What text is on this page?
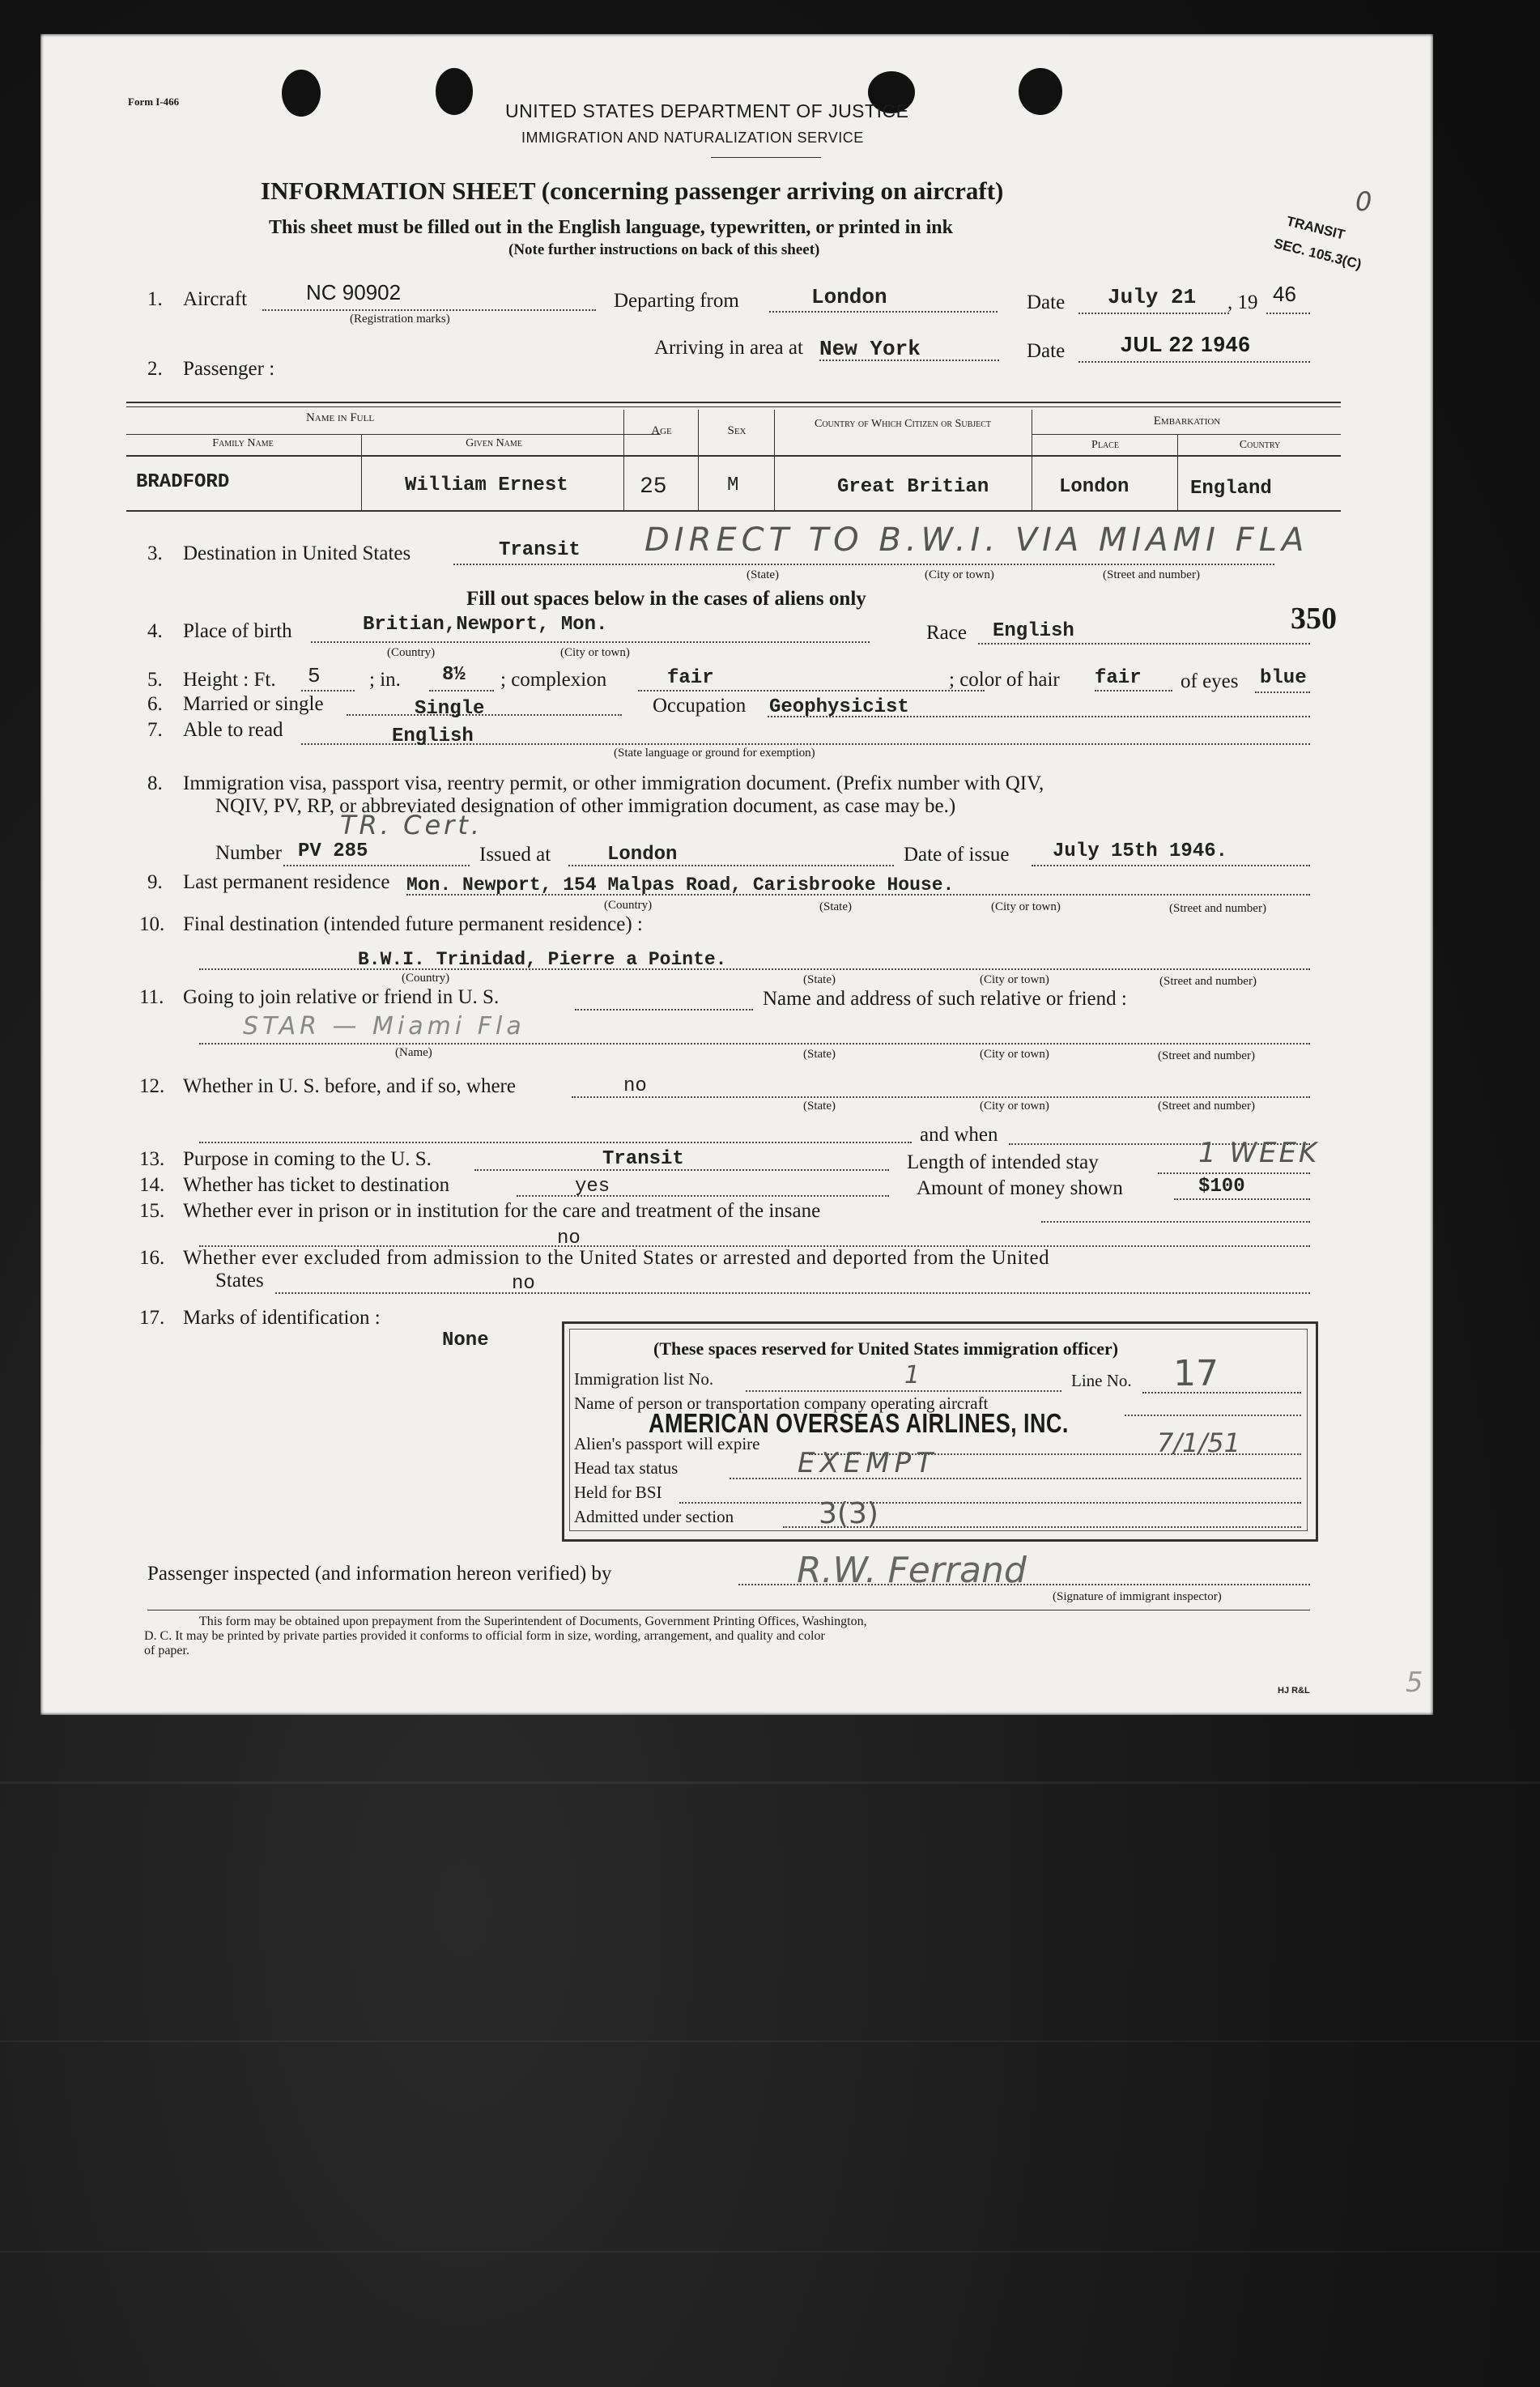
Form I-466	UNITED STATES DEPARTMENT OF JUSTICE
IMMIGRATION AND NATURALIZATION SERVICE
INFORMATION SHEET (concerning passenger arriving on aircraft)
This sheet must be filled out in the English language, typewritten, or printed in ink
(Note further instructions on back of this sheet)
TRANSIT
SEC. 105.3(C)
0
1. Aircraft	NC 90902
(Registration marks)
Departing from	London	Date July 21 , 19 46
Arriving in area at New York	Date	JUL 22 1946
2. Passenger :
Name in Full
Family Name	Given Name
Age	Sex
Country of Which Citizen or Subject	Embarkation
Place	Country
BRADFORD	William Ernest	25	M	Great Britian	London	England
3. Destination in United States	Transit DIRECT TO B.W.I. VIA MIAMI FLA
(State)	(City or town)	(Street and number)
Fill out spaces below in the cases of aliens only
350
4. Place of birth	Britian,Newport, Mon.
(Country)	(City or town)
Race English
5. Height : Ft. 5 ; in. 8½ ; complexion	fair	; color of hair fair of eyes blue
6. Married or single	Single	Occupation Geophysicist
7. Able to read	English
(State language or ground for exemption)
8. Immigration visa, passport visa, reentry permit, or other immigration document. (Prefix number with QIV,
NQIV, PV, RP, or abbreviated designation of other immigration document, as case may be.)
TR. Cert.
Number PV 285	Issued at	London	Date of issue July 15th 1946.
9. Last permanent residence Mon. Newport, 154 Malpas Road, Carisbrooke House.
(Country)	(State)	(City or town)	(Street and number)
10. Final destination (intended future permanent residence) :
B.W.I. Trinidad, Pierre a Pointe.
(Country)	(State)	(City or town)	(Street and number)
11. Going to join relative or friend in U. S.	Name and address of such relative or friend :
STAR — Miami Fla
(Name)	(State)	(City or town)	(Street and number)
12. Whether in U. S. before, and if so, where	no
(State)	(City or town)	(Street and number)
and when
13. Purpose in coming to the U. S.	Transit	Length of intended stay	1 WEEK
14. Whether has ticket to destination	yes	Amount of money shown	$100
15. Whether ever in prison or in institution for the care and treatment of the insane
no
16. Whether ever excluded from admission to the United States or arrested and deported from the United
States	no
17. Marks of identification :
None	(These spaces reserved for United States immigration officer)
Immigration list No.	1	Line No. 17
Name of person or transportation company operating aircraft
AMERICAN OVERSEAS AIRLINES, INC.
Alien's passport will expire	7/1/51
Head tax status	EXEMPT
Held for BSI
Admitted under section	3(3)
Passenger inspected (and information hereon verified) by	R.W. Ferrand
(Signature of immigrant inspector)
This form may be obtained upon prepayment from the Superintendent of Documents, Government Printing Offices, Washington,
D. C. It may be printed by private parties provided it conforms to official form in size, wording, arrangement, and quality and color
of paper.
HJ R&L	5
